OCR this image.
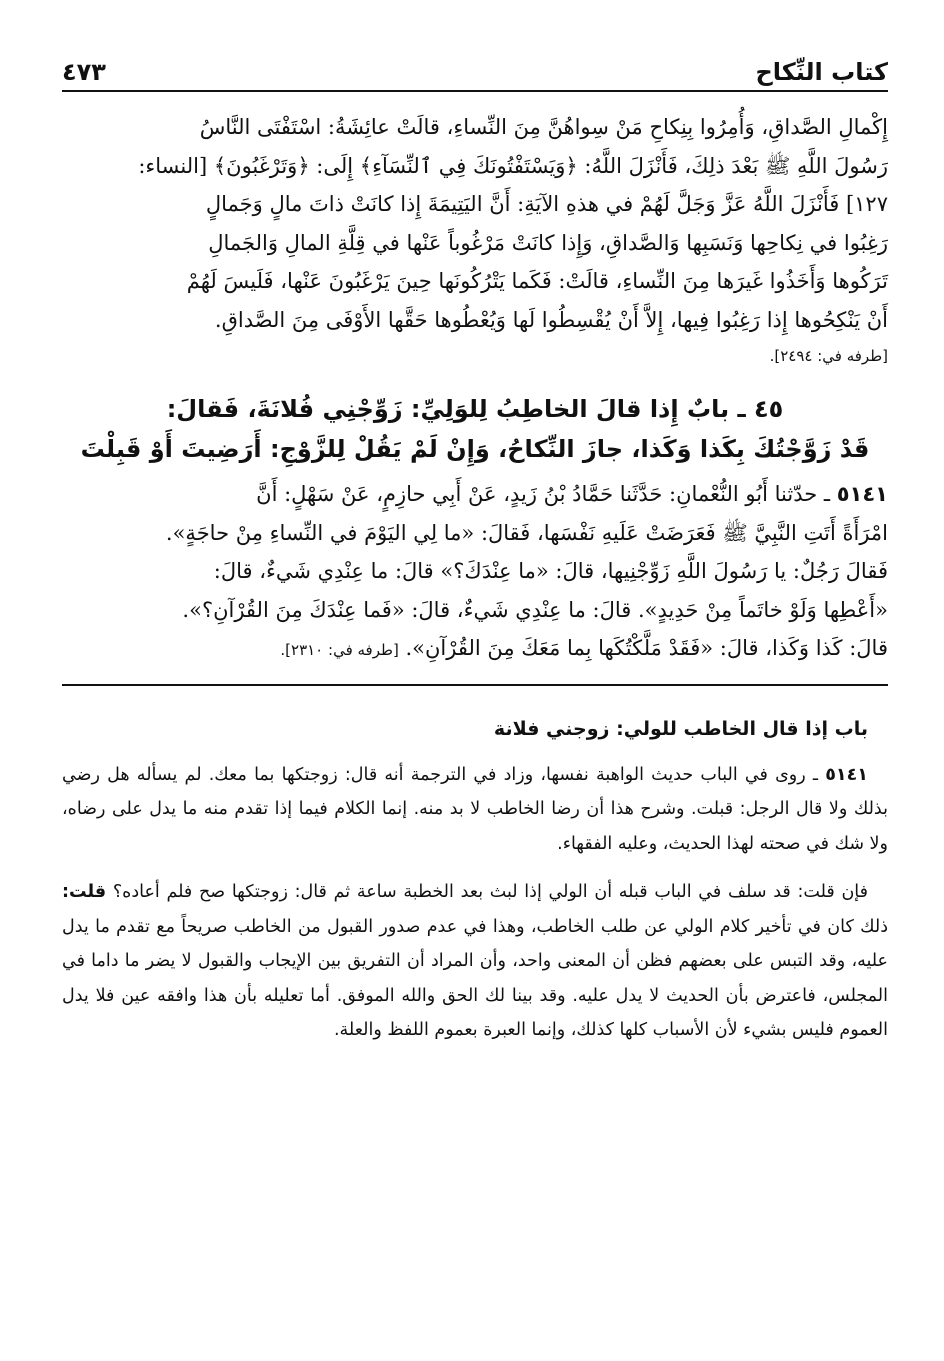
كتاب النِّكاح
٤٧٣

إِكْمالِ الصَّداقِ، وَأُمِرُوا بِنِكاحِ مَنْ سِواهُنَّ مِنَ النِّساءِ، قالَتْ عائِشَةُ: اسْتَفْتَى النَّاسُ

رَسُولَ اللَّهِ ﷺ بَعْدَ ذلِكَ، فَأَنْزَلَ اللَّهُ: ﴿وَيَسْتَفْتُونَكَ فِي ٱلنِّسَآءِ﴾ إِلَى: ﴿وَتَرْغَبُونَ﴾ [النساء:

١٢٧] فَأَنْزَلَ اللَّهُ عَزَّ وَجَلَّ لَهُمْ في هذهِ الآيَةِ: أَنَّ اليَتِيمَةَ إِذا كانَتْ ذاتَ مالٍ وَجَمالٍ

رَغِبُوا في نِكاحِها وَنَسَبِها وَالصَّداقِ، وَإِذا كانَتْ مَرْغُوباً عَنْها في قِلَّةِ المالِ وَالجَمالِ

تَرَكُوها وَأَخَذُوا غَيرَها مِنَ النِّساءِ، قالَتْ: فَكَما يَتْرُكُونَها حِينَ يَرْغَبُونَ عَنْها، فَلَيسَ لَهُمْ

أَنْ يَنْكِحُوها إِذا رَغِبُوا فِيها، إِلاَّ أَنْ يُقْسِطُوا لَها وَيُعْطُوها حَقَّها الأَوْفَى مِنَ الصَّداقِ.

[طرفه في: ٢٤٩٤].
٤٥ ـ بابٌ إِذا قالَ الخاطِبُ لِلوَلِيِّ: زَوِّجْنِي فُلانَةَ، فَقالَ:
قَدْ زَوَّجْتُكَ بِكَذا وَكَذا، جازَ النِّكاحُ، وَإِنْ لَمْ يَقُلْ لِلزَّوْجِ: أَرَضِيتَ أَوْ قَبِلْتَ

٥١٤١ ـ حدّثنا أَبُو النُّعْمانِ: حَدَّثَنا حَمَّادُ بْنُ زَيدٍ، عَنْ أَبِي حازِمٍ، عَنْ سَهْلٍ: أَنَّ

امْرَأَةً أَتَتِ النَّبِيَّ ﷺ فَعَرَضَتْ عَلَيهِ نَفْسَها، فَقالَ: «ما لِي اليَوْمَ في النِّساءِ مِنْ حاجَةٍ».

فَقالَ رَجُلٌ: يا رَسُولَ اللَّهِ زَوِّجْنِيها، قالَ: «ما عِنْدَكَ؟» قالَ: ما عِنْدِي شَيءٌ، قالَ:

«أَعْطِها وَلَوْ خاتَماً مِنْ حَدِيدٍ». قالَ: ما عِنْدِي شَيءٌ، قالَ: «فَما عِنْدَكَ مِنَ القُرْآنِ؟».

قالَ: كَذا وَكَذا، قالَ: «فَقَدْ مَلَّكْتُكَها بِما مَعَكَ مِنَ القُرْآنِ». [طرفه في: ٢٣١٠].

باب إذا قال الخاطب للولي: زوجني فلانة

٥١٤١ ـ روى في الباب حديث الواهبة نفسها، وزاد في الترجمة أنه قال: زوجتكها بما معك. لم يسأله هل رضي بذلك ولا قال الرجل: قبلت. وشرح هذا أن رضا الخاطب لا بد منه. إنما الكلام فيما إذا تقدم منه ما يدل على رضاه، ولا شك في صحته لهذا الحديث، وعليه الفقهاء.

فإن قلت: قد سلف في الباب قبله أن الولي إذا لبث بعد الخطبة ساعة ثم قال: زوجتكها صح فلم أعاده؟ قلت: ذلك كان في تأخير كلام الولي عن طلب الخاطب، وهذا في عدم صدور القبول من الخاطب صريحاً مع تقدم ما يدل عليه، وقد التبس على بعضهم فظن أن المعنى واحد، وأن المراد أن التفريق بين الإيجاب والقبول لا يضر ما داما في المجلس، فاعترض بأن الحديث لا يدل عليه. وقد بينا لك الحق والله الموفق. أما تعليله بأن هذا وافقه عين فلا يدل العموم فليس بشيء لأن الأسباب كلها كذلك، وإنما العبرة بعموم اللفظ والعلة.
